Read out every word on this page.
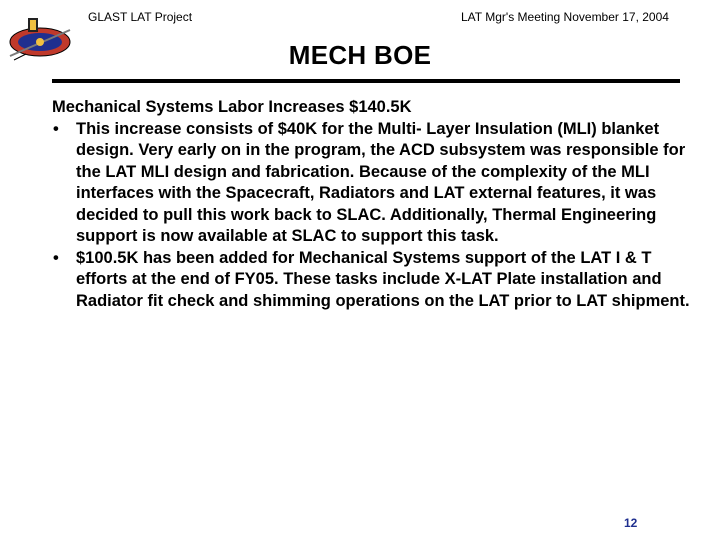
GLAST LAT Project	LAT Mgr's Meeting November 17, 2004
MECH BOE

Mechanical Systems Labor Increases $140.5K

• This increase consists of $40K for the Multi- Layer Insulation (MLI) blanket design. Very early on in the program, the ACD subsystem was responsible for the LAT MLI design and fabrication. Because of the complexity of the MLI interfaces with the Spacecraft, Radiators and LAT external features, it was decided to pull this work back to SLAC. Additionally, Thermal Engineering support is now available at SLAC to support this task.
• $100.5K has been added for Mechanical Systems support of the LAT I & T efforts at the end of FY05. These tasks include X-LAT Plate installation and Radiator fit check and shimming operations on the LAT prior to LAT shipment.
12
